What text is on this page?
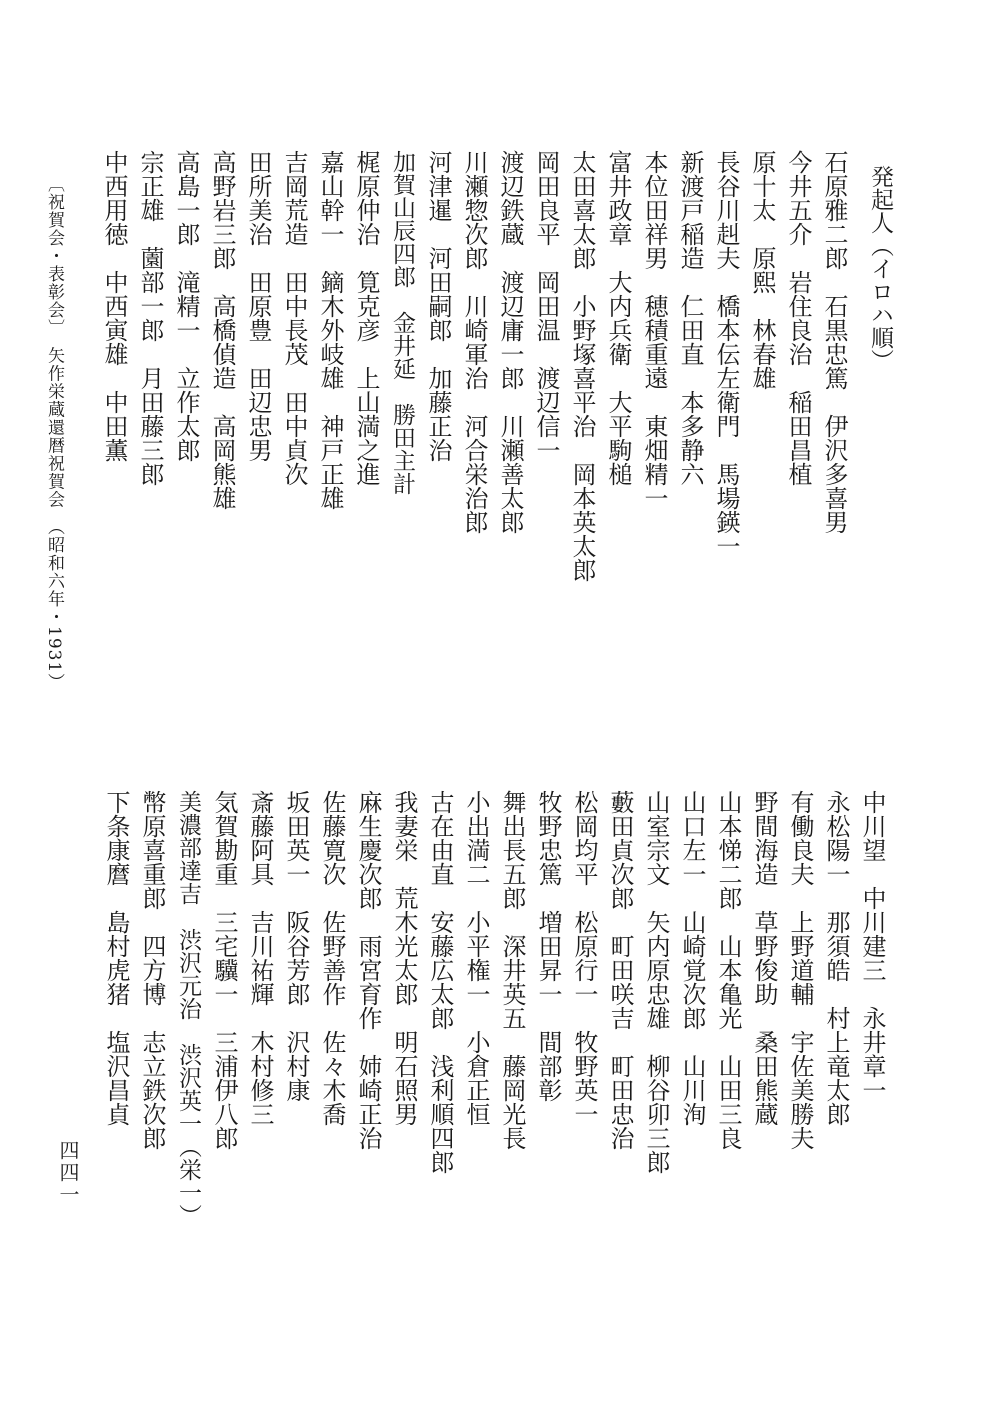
発起人（イロハ順）
石原雅二郎　石黒忠篤　伊沢多喜男
今井五介　岩住良治　稲田昌植
原十太　原熙　林春雄
長谷川赳夫　橋本伝左衛門　馬場鍈一
新渡戸稲造　仁田直　本多静六
本位田祥男　穂積重遠　東畑精一
富井政章　大内兵衛　大平駒槌
太田喜太郎　小野塚喜平治　岡本英太郎
岡田良平　岡田温　渡辺信一
渡辺鉄蔵　渡辺庸一郎　川瀬善太郎
川瀬惣次郎　川崎軍治　河合栄治郎
河津暹　河田嗣郎　加藤正治
加賀山辰四郎　金井延　勝田主計
梶原仲治　筧克彦　上山満之進
嘉山幹一　鏑木外岐雄　神戸正雄
吉岡荒造　田中長茂　田中貞次
田所美治　田原豊　田辺忠男
高野岩三郎　高橋偵造　高岡熊雄
高島一郎　滝精一　立作太郎
宗正雄　薗部一郎　月田藤三郎
中西用徳　中西寅雄　中田薫
中川望　中川建三　永井章一
永松陽一　那須皓　村上竜太郎
有働良夫　上野道輔　宇佐美勝夫
野間海造　草野俊助　桑田熊蔵
山本悌二郎　山本亀光　山田三良
山口左一　山崎覚次郎　山川洵
山室宗文　矢内原忠雄　柳谷卯三郎
藪田貞次郎　町田咲吉　町田忠治
松岡均平　松原行一　牧野英一
牧野忠篤　増田昇一　間部彰
舞出長五郎　深井英五　藤岡光長
小出満二　小平権一　小倉正恒
古在由直　安藤広太郎　浅利順四郎
我妻栄　荒木光太郎　明石照男
麻生慶次郎　雨宮育作　姉崎正治
佐藤寛次　佐野善作　佐々木喬
坂田英一　阪谷芳郎　沢村康
斎藤阿具　吉川祐輝　木村修三
気賀勘重　三宅驥一　三浦伊八郎
美濃部達吉　渋沢元治　渋沢英一（栄一）
幣原喜重郎　四方博　志立鉄次郎
下条康麿　島村虎猪　塩沢昌貞
〔祝賀会・表彰会〕　矢作栄蔵還暦祝賀会　（昭和六年・1931）
四四一
